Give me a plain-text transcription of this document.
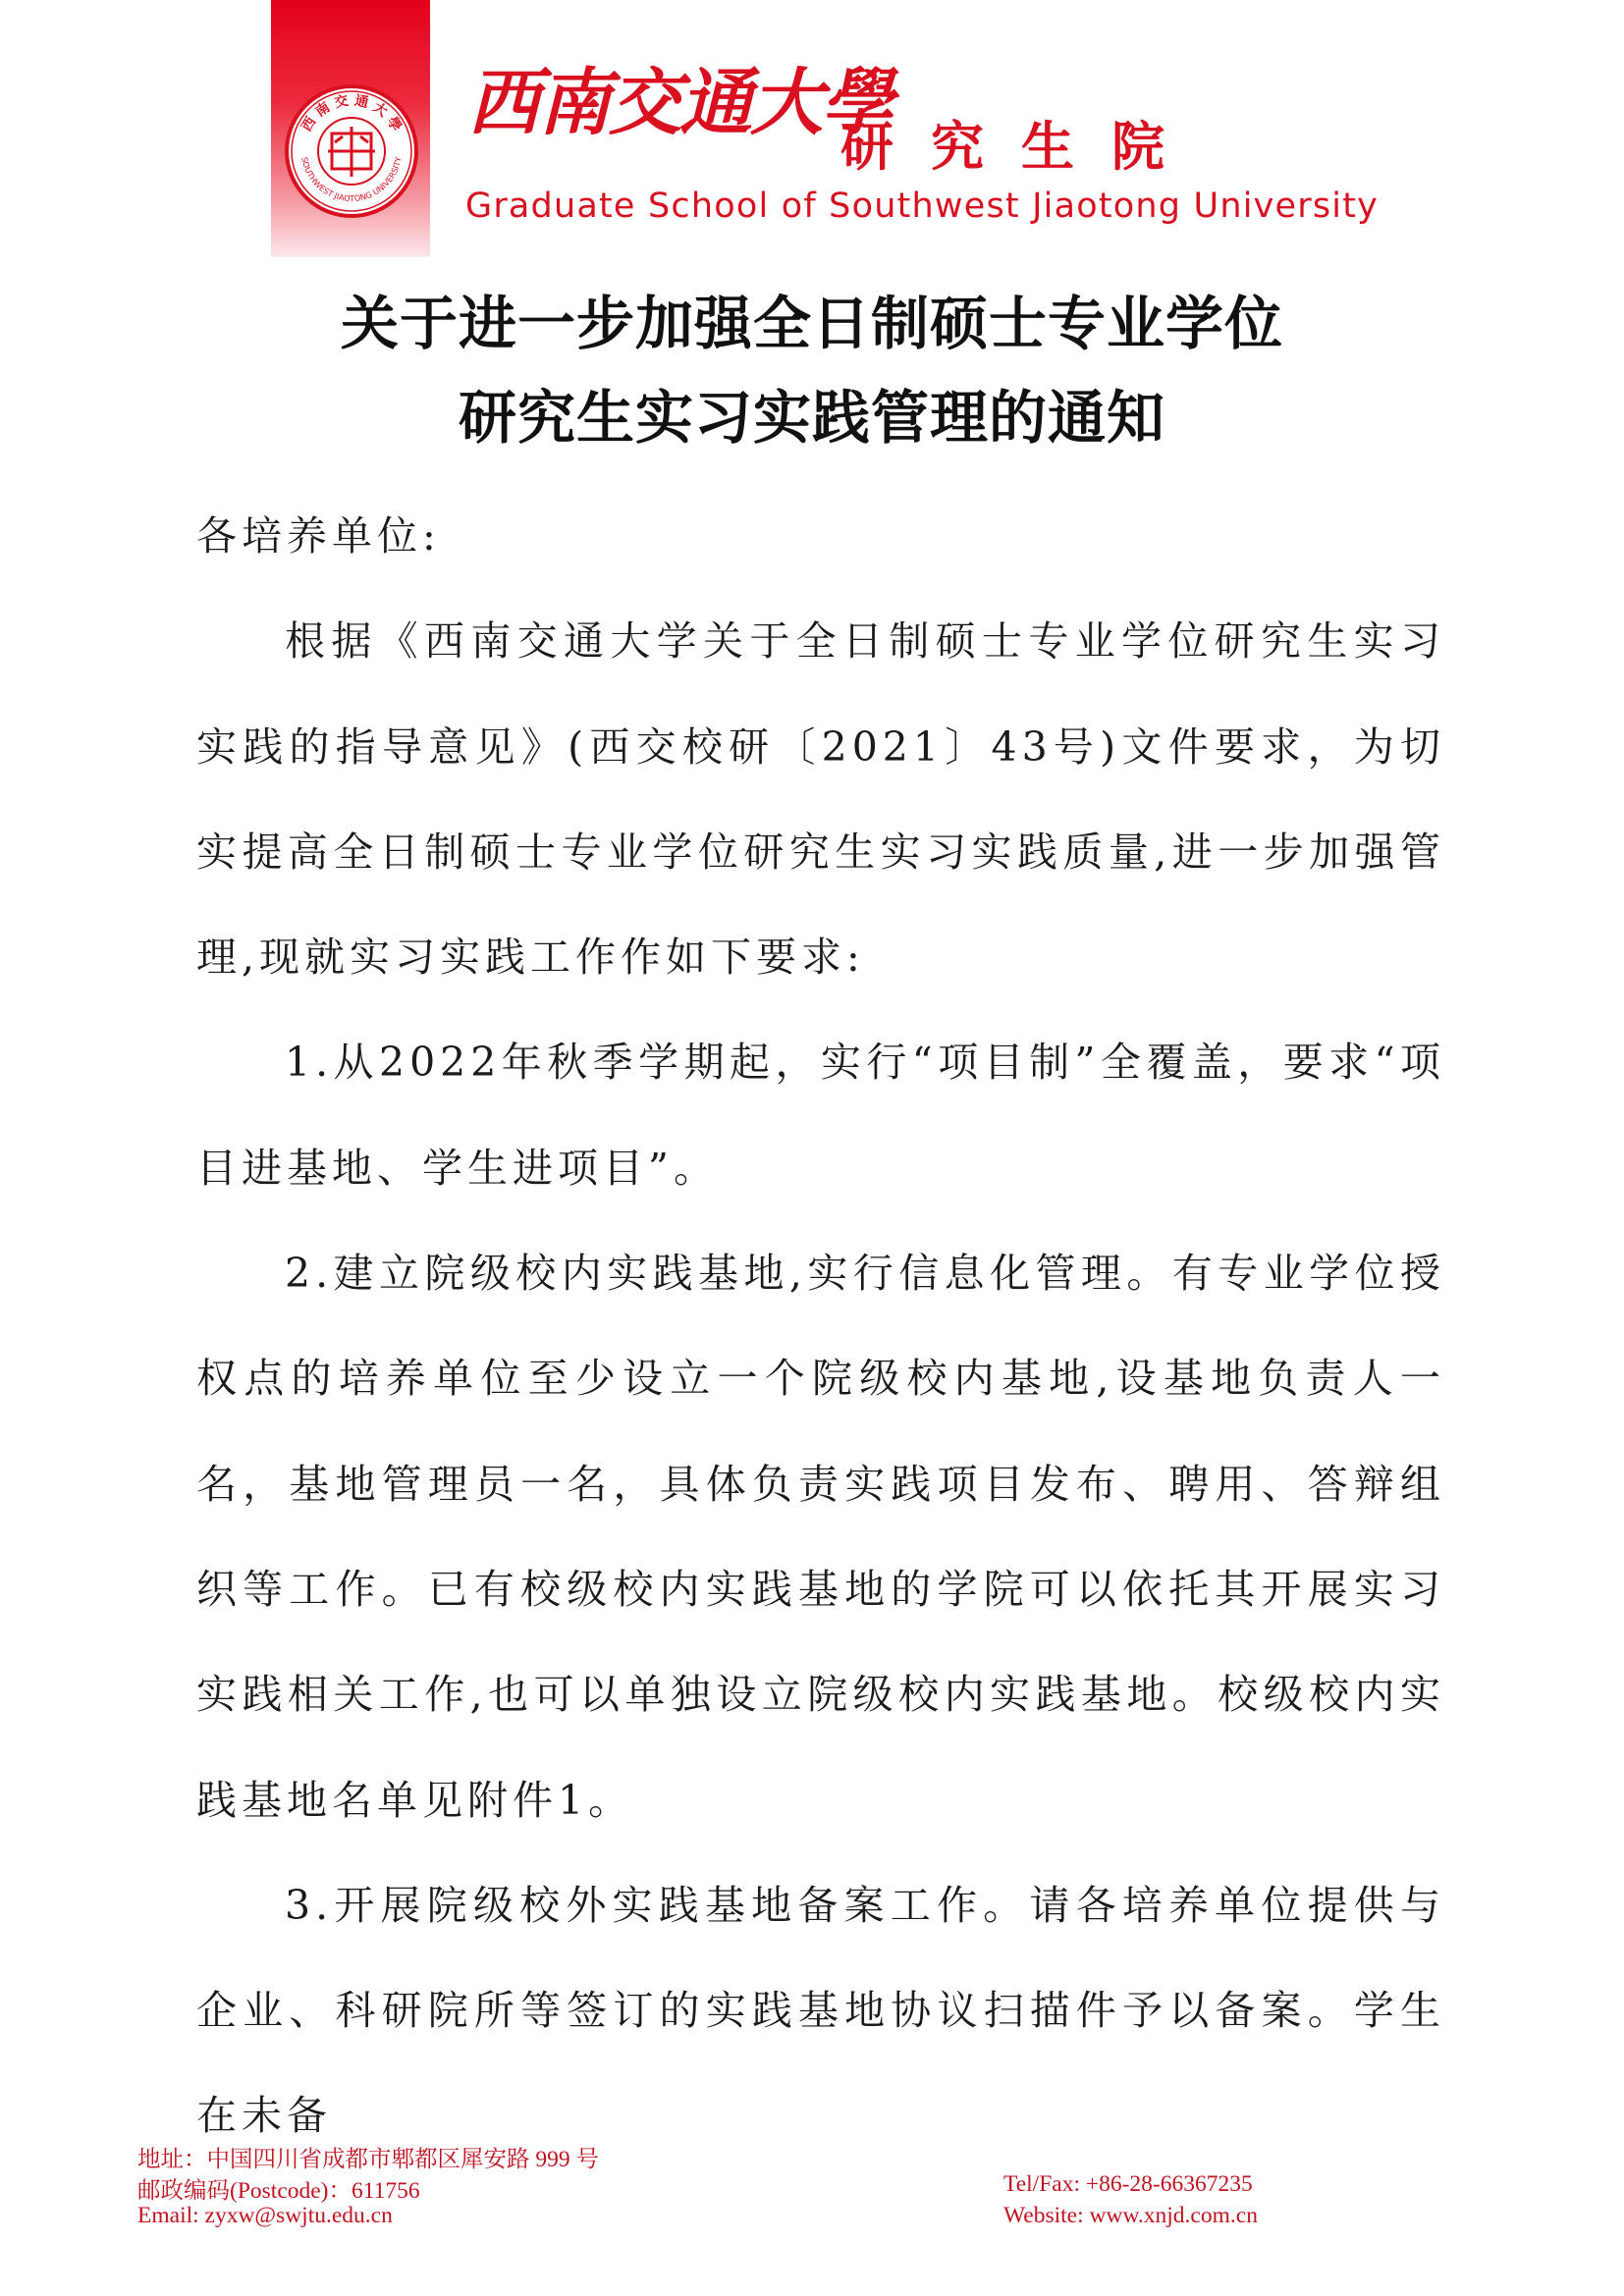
西 南 交 通 大 學
SOUTHWEST JIAOTONG UNIVERSITY
西南交通大學
研究生院
Graduate School of Southwest Jiaotong University
关于进一步加强全日制硕士专业学位
研究生实习实践管理的通知

各培养单位:

根据《西南交通大学关于全日制硕士专业学位研究生实习实践的指导意见》(西交校研〔2021〕43号)文件要求，为切实提高全日制硕士专业学位研究生实习实践质量,进一步加强管理,现就实习实践工作作如下要求:

1.从2022年秋季学期起，实行“项目制”全覆盖，要求“项目进基地、学生进项目”。

2.建立院级校内实践基地,实行信息化管理。有专业学位授权点的培养单位至少设立一个院级校内基地,设基地负责人一名，基地管理员一名，具体负责实践项目发布、聘用、答辩组织等工作。已有校级校内实践基地的学院可以依托其开展实习实践相关工作,也可以单独设立院级校内实践基地。校级校内实践基地名单见附件1。

3.开展院级校外实践基地备案工作。请各培养单位提供与企业、科研院所等签订的实践基地协议扫描件予以备案。学生在未备

地址：中国四川省成都市郫都区犀安路 999 号
邮政编码(Postcode)：611756
Email: zyxw@swjtu.edu.cn
Tel/Fax: +86-28-66367235
Website: www.xnjd.com.cn
